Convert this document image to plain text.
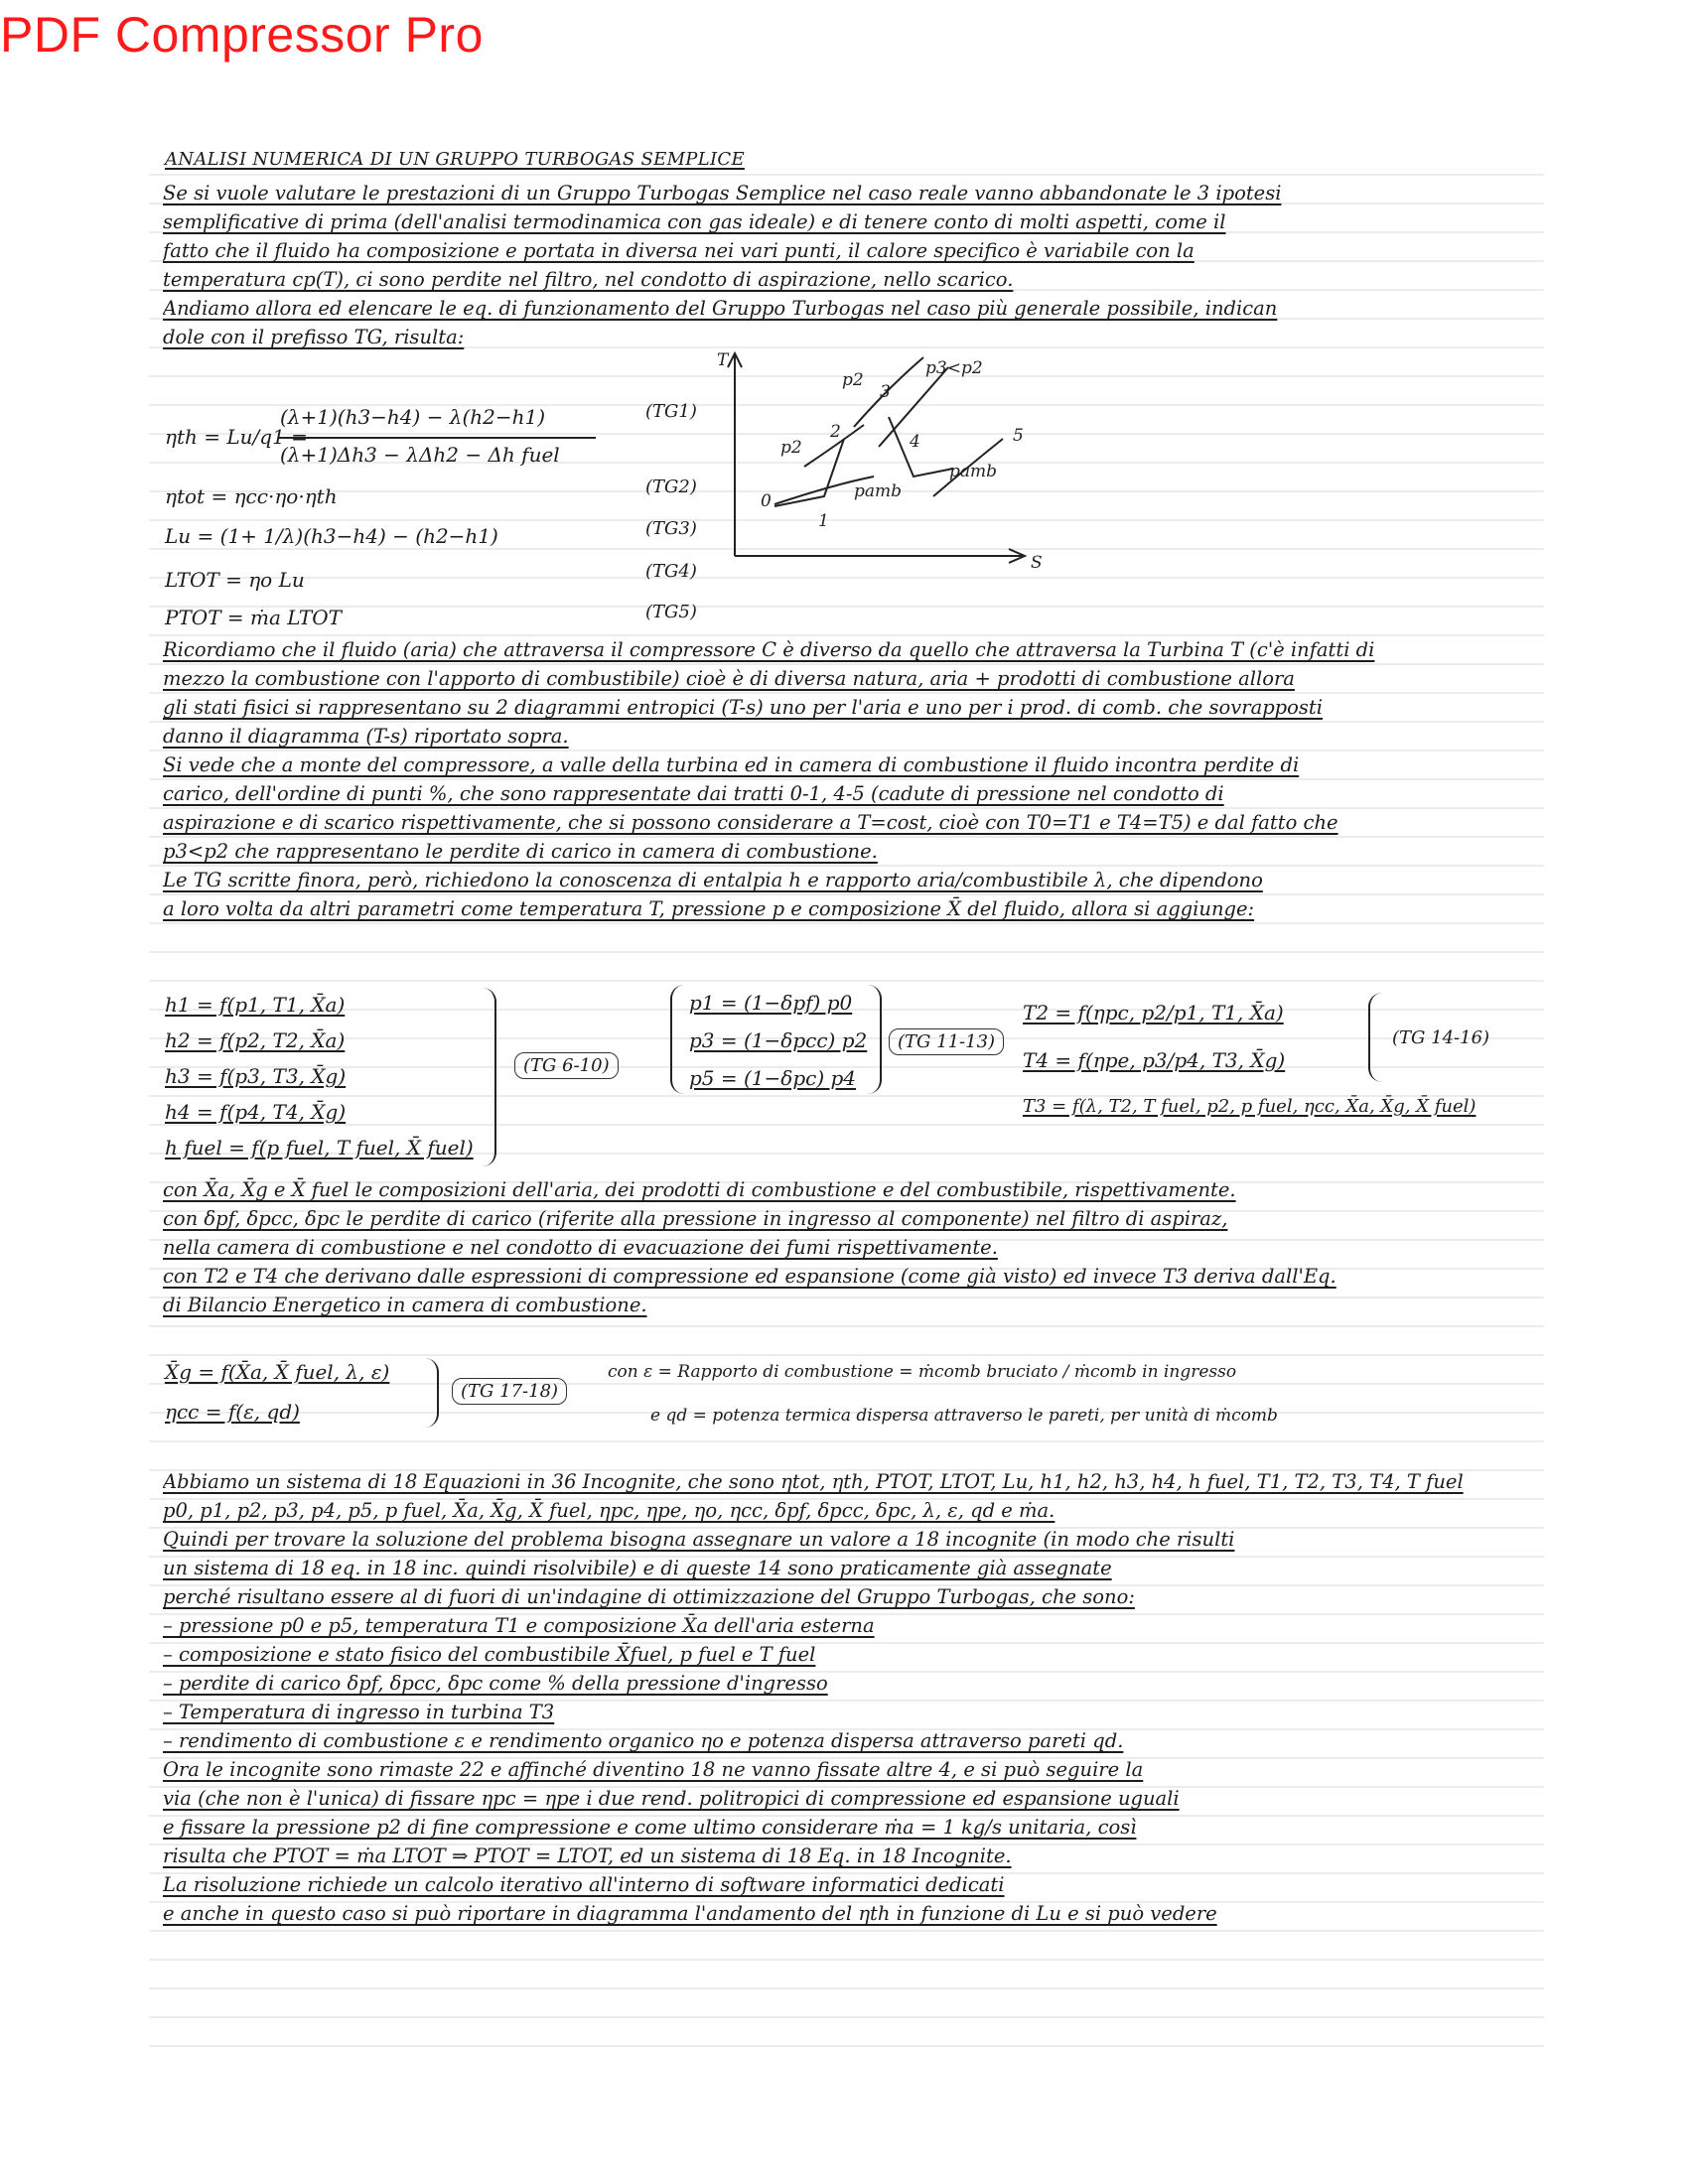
PDF Compressor Pro
ANALISI NUMERICA DI UN GRUPPO TURBOGAS SEMPLICE

Se si vuole valutare le prestazioni di un Gruppo Turbogas Semplice nel caso reale vanno abbandonate le 3 ipotesi

semplificative di prima (dell'analisi termodinamica con gas ideale) e di tenere conto di molti aspetti, come il

fatto che il fluido ha composizione e portata in diversa nei vari punti, il calore specifico è variabile con la

temperatura cp(T), ci sono perdite nel filtro, nel condotto di aspirazione, nello scarico.

Andiamo allora ed elencare le eq. di funzionamento del Gruppo Turbogas nel caso più generale possibile, indican

dole con il prefisso TG, risulta:

ηth = Lu/q1 =
(λ+1)(h3−h4) − λ(h2−h1)
(λ+1)Δh3 − λΔh2 − Δh fuel
(TG1)
ηtot = ηcc·ηo·ηth	(TG2)
Lu = (1+ 1/λ)(h3−h4) − (h2−h1)	(TG3)
LTOT = ηo Lu	(TG4)
PTOT = ṁa LTOT	(TG5)
T
S
0
1
2
3
4	5
p2
p3<p2
p2
pamb
pamb

Ricordiamo che il fluido (aria) che attraversa il compressore C è diverso da quello che attraversa la Turbina T (c'è infatti di

mezzo la combustione con l'apporto di combustibile) cioè è di diversa natura, aria + prodotti di combustione allora

gli stati fisici si rappresentano su 2 diagrammi entropici (T-s) uno per l'aria e uno per i prod. di comb. che sovrapposti

danno il diagramma (T-s) riportato sopra.

Si vede che a monte del compressore, a valle della turbina ed in camera di combustione il fluido incontra perdite di

carico, dell'ordine di punti %, che sono rappresentate dai tratti 0-1, 4-5 (cadute di pressione nel condotto di

aspirazione e di scarico rispettivamente, che si possono considerare a T=cost, cioè con T0=T1 e T4=T5) e dal fatto che

p3<p2 che rappresentano le perdite di carico in camera di combustione.

Le TG scritte finora, però, richiedono la conoscenza di entalpia h e rapporto aria/combustibile λ, che dipendono

a loro volta da altri parametri come temperatura T, pressione p e composizione X̄ del fluido, allora si aggiunge:

h1 = f(p1, T1, X̄a)
h2 = f(p2, T2, X̄a)
h3 = f(p3, T3, X̄g)
h4 = f(p4, T4, X̄g)
h fuel = f(p fuel, T fuel, X̄ fuel)
(TG 6-10)
p1 = (1−δpf) p0
p3 = (1−δpcc) p2
p5 = (1−δpc) p4
(TG 11-13)
T2 = f(ηpc, p2/p1, T1, X̄a)
T4 = f(ηpe, p3/p4, T3, X̄g)
T3 = f(λ, T2, T fuel, p2, p fuel, ηcc, X̄a, X̄g, X̄ fuel)
(TG 14-16)

con X̄a, X̄g e X̄ fuel le composizioni dell'aria, dei prodotti di combustione e del combustibile, rispettivamente.

con δpf, δpcc, δpc le perdite di carico (riferite alla pressione in ingresso al componente) nel filtro di aspiraz,

nella camera di combustione e nel condotto di evacuazione dei fumi rispettivamente.

con T2 e T4 che derivano dalle espressioni di compressione ed espansione (come già visto) ed invece T3 deriva dall'Eq.

di Bilancio Energetico in camera di combustione.

X̄g = f(X̄a, X̄ fuel, λ, ε)
ηcc = f(ε, qd)
(TG 17-18)
con ε = Rapporto di combustione = ṁcomb bruciato / ṁcomb in ingresso
e qd = potenza termica dispersa attraverso le pareti, per unità di ṁcomb

Abbiamo un sistema di 18 Equazioni in 36 Incognite, che sono ηtot, ηth, PTOT, LTOT, Lu, h1, h2, h3, h4, h fuel, T1, T2, T3, T4, T fuel

p0, p1, p2, p3, p4, p5, p fuel, X̄a, X̄g, X̄ fuel, ηpc, ηpe, ηo, ηcc, δpf, δpcc, δpc, λ, ε, qd e ṁa.

Quindi per trovare la soluzione del problema bisogna assegnare un valore a 18 incognite (in modo che risulti

un sistema di 18 eq. in 18 inc. quindi risolvibile) e di queste 14 sono praticamente già assegnate

perché risultano essere al di fuori di un'indagine di ottimizzazione del Gruppo Turbogas, che sono:

– pressione p0 e p5, temperatura T1 e composizione X̄a dell'aria esterna

– composizione e stato fisico del combustibile X̄fuel, p fuel e T fuel

– perdite di carico δpf, δpcc, δpc come % della pressione d'ingresso

– Temperatura di ingresso in turbina T3

– rendimento di combustione ε e rendimento organico ηo e potenza dispersa attraverso pareti qd.

Ora le incognite sono rimaste 22 e affinché diventino 18 ne vanno fissate altre 4, e si può seguire la

via (che non è l'unica) di fissare ηpc = ηpe i due rend. politropici di compressione ed espansione uguali

e fissare la pressione p2 di fine compressione e come ultimo considerare ṁa = 1 kg/s unitaria, così

risulta che PTOT = ṁa LTOT ⇒ PTOT = LTOT, ed un sistema di 18 Eq. in 18 Incognite.

La risoluzione richiede un calcolo iterativo all'interno di software informatici dedicati

e anche in questo caso si può riportare in diagramma l'andamento del ηth in funzione di Lu e si può vedere
